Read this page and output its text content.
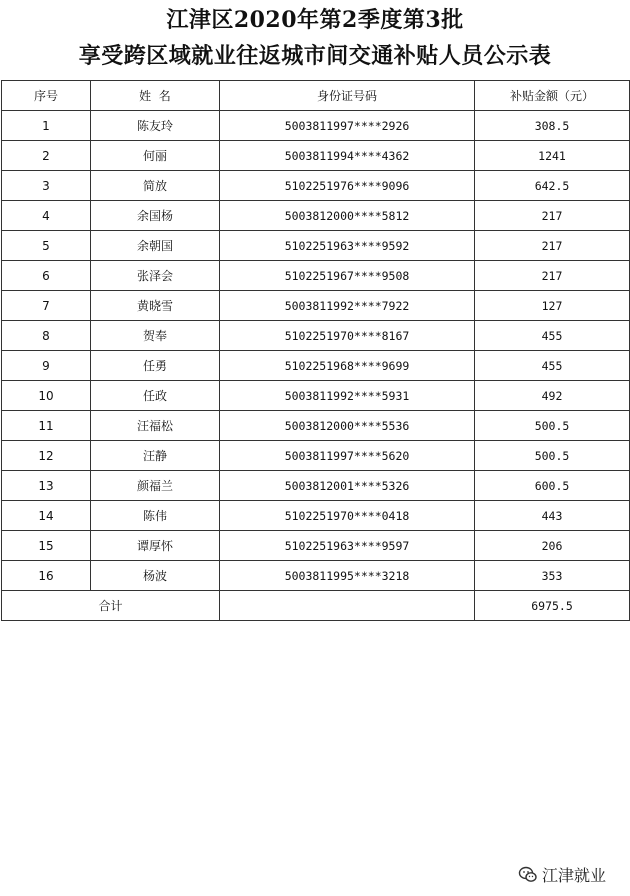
江津区2020年第2季度第3批
享受跨区域就业往返城市间交通补贴人员公示表
序号	姓  名	身份证号码	补贴金额（元）
1	陈友玲	5003811997****2926	308.5
2	何丽	5003811994****4362	1241
3	简放	5102251976****9096	642.5
4	余国杨	5003812000****5812	217
5	余朝国	5102251963****9592	217
6	张泽会	5102251967****9508	217
7	黄晓雪	5003811992****7922	127
8	贺奉	5102251970****8167	455
9	任勇	5102251968****9699	455
10	任政	5003811992****5931	492
11	汪福松	5003812000****5536	500.5
12	汪静	5003811997****5620	500.5
13	颜福兰	5003812001****5326	600.5
14	陈伟	5102251970****0418	443
15	谭厚怀	5102251963****9597	206
16	杨波	5003811995****3218	353
合计			6975.5
江津就业
